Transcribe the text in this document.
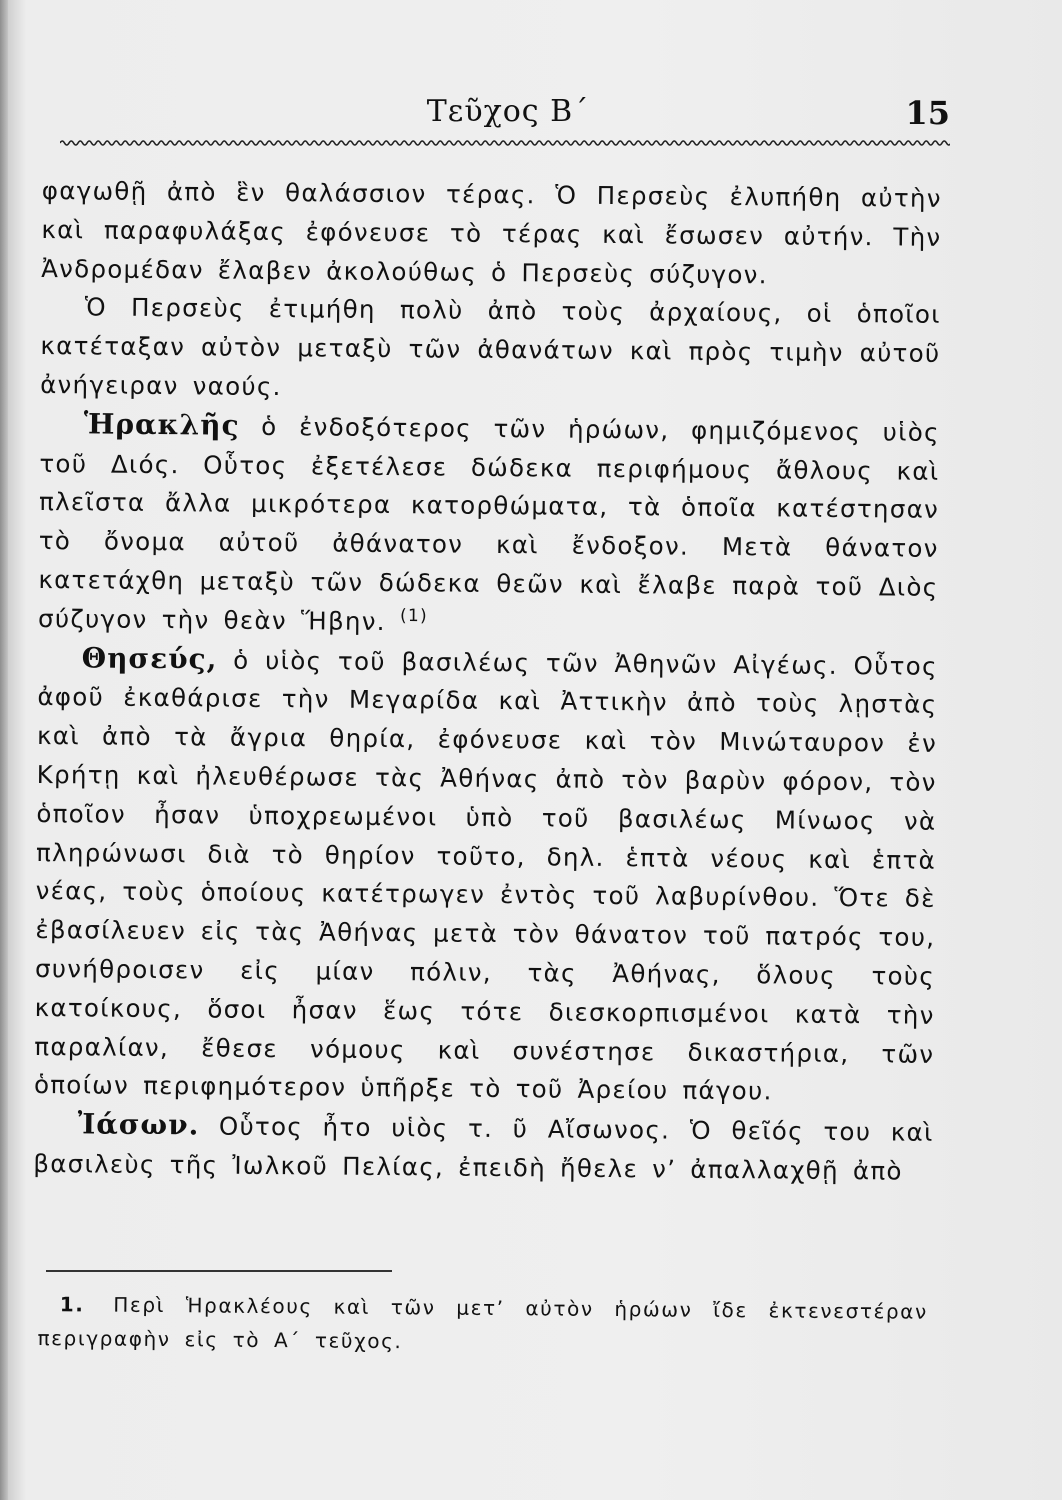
Τεῦχος Β΄	15

φαγωθῇ ἀπὸ ἓν θαλάσσιον τέρας. Ὁ Περσεὺς ἐλυπήθη αὐτὴν καὶ παραφυλάξας ἐφόνευσε τὸ τέρας καὶ ἔσωσεν αὐτήν. Τὴν Ἀνδρομέδαν ἔλαβεν ἀκολούθως ὁ Περσεὺς σύζυγον.

Ὁ Περσεὺς ἐτιμήθη πολὺ ἀπὸ τοὺς ἀρχαίους, οἱ ὁποῖοι κατέταξαν αὐτὸν μεταξὺ τῶν ἀθανάτων καὶ πρὸς τιμὴν αὐτοῦ ἀνήγειραν ναούς.

Ἡρακλῆς ὁ ἐνδοξότερος τῶν ἡρώων, φημιζόμενος υἱὸς τοῦ Διός. Οὗτος ἐξετέλεσε δώδεκα περιφήμους ἄθλους καὶ πλεῖστα ἄλλα μικρότερα κατορθώματα, τὰ ὁποῖα κατέστησαν τὸ ὄνομα αὐτοῦ ἀθάνατον καὶ ἔνδοξον. Μετὰ θάνατον κατετάχθη μεταξὺ τῶν δώδεκα θεῶν καὶ ἔλαβε παρὰ τοῦ Διὸς σύζυγον τὴν θεὰν Ἥβην. $^{(1)}$

Θησεύς, ὁ υἱὸς τοῦ βασιλέως τῶν Ἀθηνῶν Αἰγέως. Οὗτος ἀφοῦ ἐκαθάρισε τὴν Μεγαρίδα καὶ Ἀττικὴν ἀπὸ τοὺς λῃστὰς καὶ ἀπὸ τὰ ἄγρια θηρία, ἐφόνευσε καὶ τὸν Μινώταυρον ἐν Κρήτῃ καὶ ἠλευθέρωσε τὰς Ἀθήνας ἀπὸ τὸν βαρὺν φόρον, τὸν ὁποῖον ἦσαν ὑποχρεωμένοι ὑπὸ τοῦ βασιλέως Μίνωος νὰ πληρώνωσι διὰ τὸ θηρίον τοῦτο, δηλ. ἑπτὰ νέους καὶ ἑπτὰ νέας, τοὺς ὁποίους κατέτρωγεν ἐντὸς τοῦ λαβυρίνθου. Ὅτε δὲ ἐβασίλευεν εἰς τὰς Ἀθήνας μετὰ τὸν θάνατον τοῦ πατρός του, συνήθροισεν εἰς μίαν πόλιν, τὰς Ἀθήνας, ὅλους τοὺς κατοίκους, ὅσοι ἦσαν ἕως τότε διεσκορπισμένοι κατὰ τὴν παραλίαν, ἔθεσε νόμους καὶ συνέστησε δικαστήρια, τῶν ὁποίων περιφημότερον ὑπῆρξε τὸ τοῦ Ἀρείου πάγου.

Ἰάσων. Οὗτος ἦτο υἱὸς τ. ῦ Αἴσωνος. Ὁ θεῖός του καὶ βασιλεὺς τῆς Ἰωλκοῦ Πελίας, ἐπειδὴ ἤθελε ν’ ἀπαλλαχθῇ ἀπὸ

1. Περὶ Ἡρακλέους καὶ τῶν μετ’ αὐτὸν ἡρώων ἴδε ἐκτενεστέραν περιγραφὴν εἰς τὸ Α΄ τεῦχος.
